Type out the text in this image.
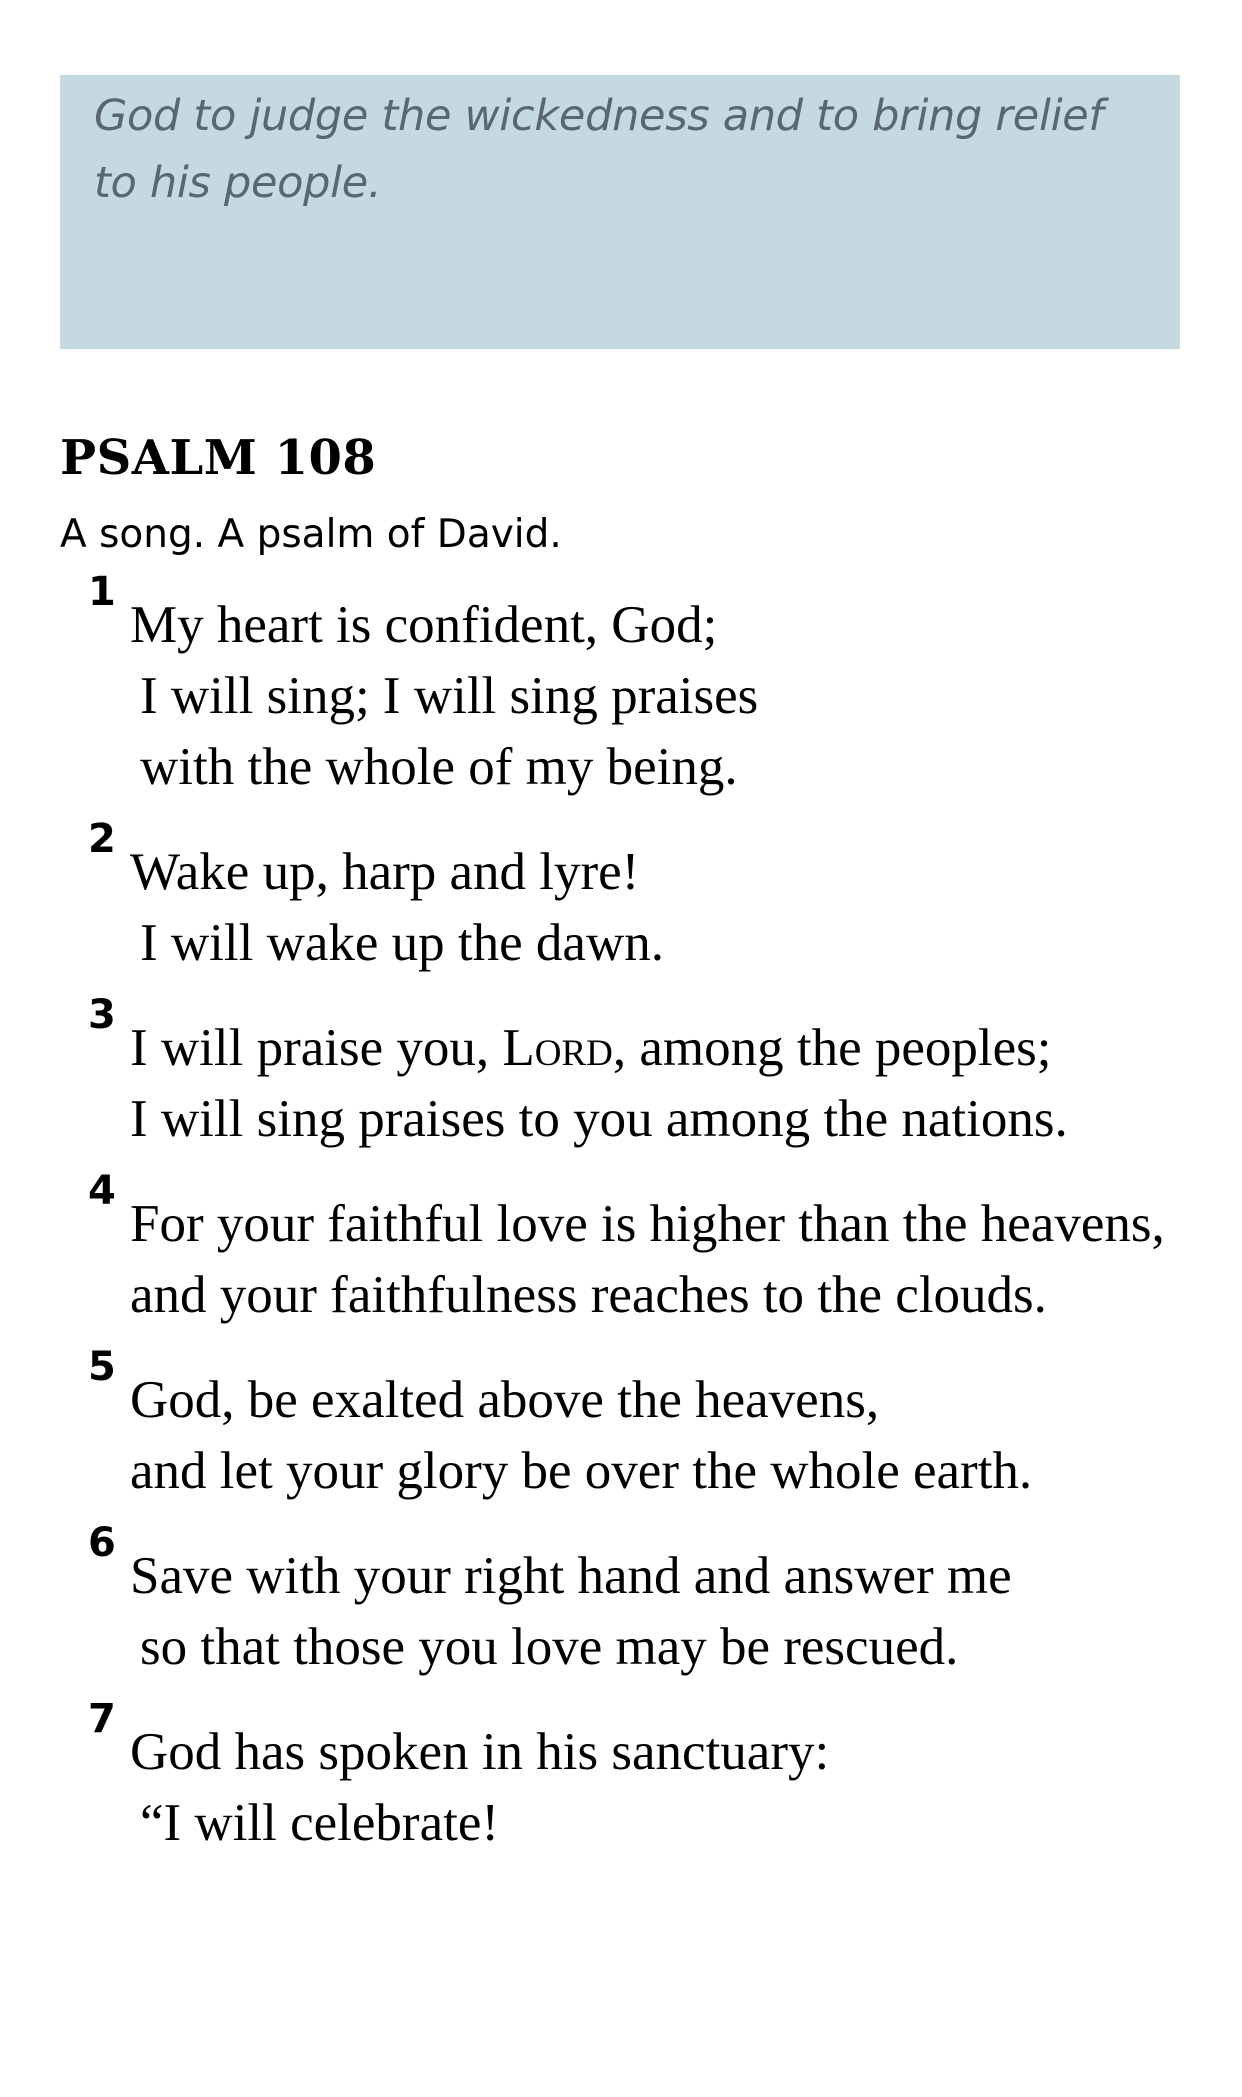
God to judge the wickedness and to bring relief to his people.

PSALM 108

A song. A psalm of David.

1
My heart is confident, God;
I will sing; I will sing praises
with the whole of my being.
2
Wake up, harp and lyre!
I will wake up the dawn.
3
I will praise you, Lord, among the peoples;
I will sing praises to you among the nations.
4
For your faithful love is higher than the heavens,
and your faithfulness reaches to the clouds.
5
God, be exalted above the heavens,
and let your glory be over the whole earth.
6
Save with your right hand and answer me
so that those you love may be rescued.
7
God has spoken in his sanctuary:
“I will celebrate!
